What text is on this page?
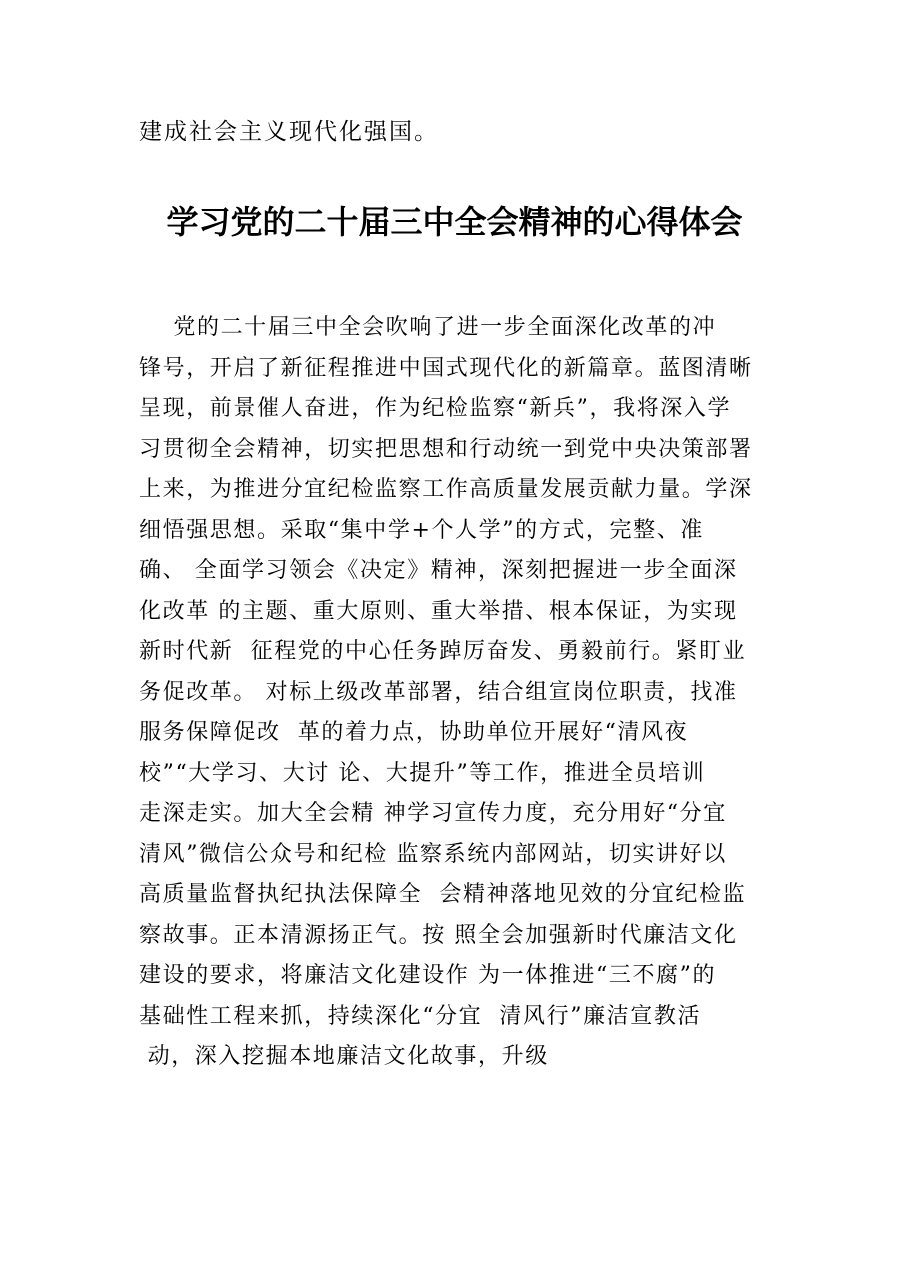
建成社会主义现代化强国。
学习党的二十届三中全会精神的心得体会
党的二十届三中全会吹响了进一步全面深化改革的冲
锋号，开启了新征程推进中国式现代化的新篇章。蓝图清晰
呈现，前景催人奋进，作为纪检监察“新兵”，我将深入学
习贯彻全会精神，切实把思想和行动统一到党中央决策部署
上来，为推进分宜纪检监察工作高质量发展贡献力量。学深
细悟强思想。采取“集中学+个人学”的方式，完整、准
确、 全面学习领会《决定》精神，深刻把握进一步全面深
化改革 的主题、重大原则、重大举措、根本保证，为实现
新时代新  征程党的中心任务踔厉奋发、勇毅前行。紧盯业
务促改革。 对标上级改革部署，结合组宣岗位职责，找准
服务保障促改  革的着力点，协助单位开展好“清风夜
校”“大学习、大讨 论、大提升”等工作，推进全员培训
走深走实。加大全会精 神学习宣传力度，充分用好“分宜
清风”微信公众号和纪检 监察系统内部网站，切实讲好以
高质量监督执纪执法保障全  会精神落地见效的分宜纪检监
察故事。正本清源扬正气。按 照全会加强新时代廉洁文化
建设的要求，将廉洁文化建设作 为一体推进“三不腐”的
基础性工程来抓，持续深化“分宜  清风行”廉洁宣教活
动，深入挖掘本地廉洁文化故事，升级
